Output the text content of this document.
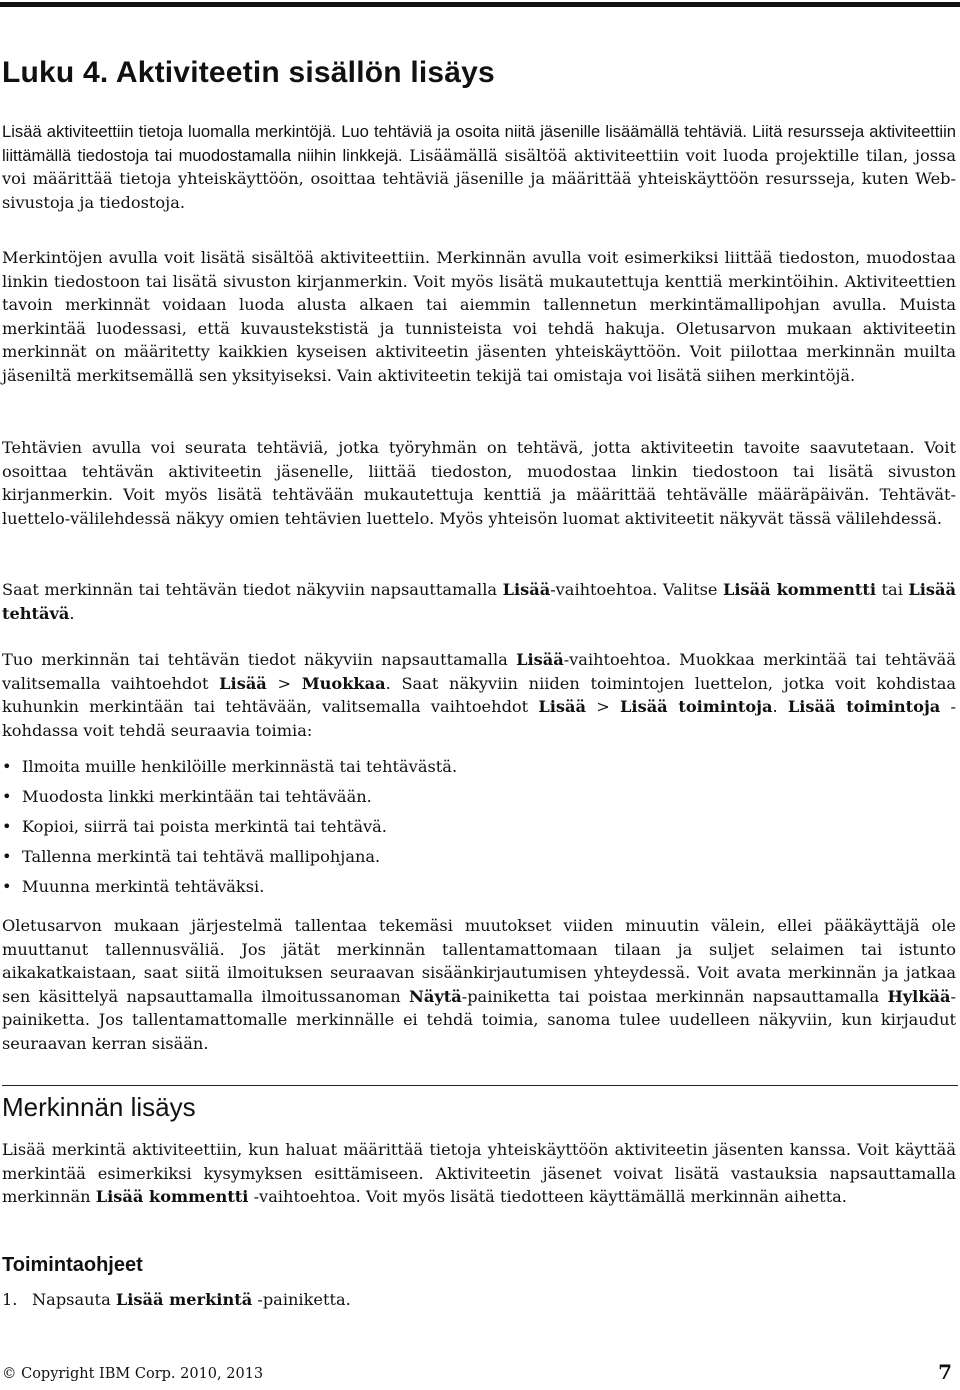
Luku 4. Aktiviteetin sisällön lisäys

Lisää aktiviteettiin tietoja luomalla merkintöjä. Luo tehtäviä ja osoita niitä jäsenille lisäämällä tehtäviä. Liitä resursseja aktiviteettiin liittämällä tiedostoja tai muodostamalla niihin linkkejä. Lisäämällä sisältöä aktiviteettiin voit luoda projektille tilan, jossa voi määrittää tietoja yhteiskäyttöön, osoittaa tehtäviä jäsenille ja määrittää yhteiskäyttöön resursseja, kuten Web-sivustoja ja tiedostoja.

Merkintöjen avulla voit lisätä sisältöä aktiviteettiin. Merkinnän avulla voit esimerkiksi liittää tiedoston, muodostaa linkin tiedostoon tai lisätä sivuston kirjanmerkin. Voit myös lisätä mukautettuja kenttiä merkintöihin. Aktiviteettien tavoin merkinnät voidaan luoda alusta alkaen tai aiemmin tallennetun merkintämallipohjan avulla. Muista merkintää luodessasi, että kuvaustekstistä ja tunnisteista voi tehdä hakuja. Oletusarvon mukaan aktiviteetin merkinnät on määritetty kaikkien kyseisen aktiviteetin jäsenten yhteiskäyttöön. Voit piilottaa merkinnän muilta jäseniltä merkitsemällä sen yksityiseksi. Vain aktiviteetin tekijä tai omistaja voi lisätä siihen merkintöjä.

Tehtävien avulla voi seurata tehtäviä, jotka työryhmän on tehtävä, jotta aktiviteetin tavoite saavutetaan. Voit osoittaa tehtävän aktiviteetin jäsenelle, liittää tiedoston, muodostaa linkin tiedostoon tai lisätä sivuston kirjanmerkin. Voit myös lisätä tehtävään mukautettuja kenttiä ja määrittää tehtävälle määräpäivän. Tehtävät-luettelo-välilehdessä näkyy omien tehtävien luettelo. Myös yhteisön luomat aktiviteetit näkyvät tässä välilehdessä.

Saat merkinnän tai tehtävän tiedot näkyviin napsauttamalla Lisää-vaihtoehtoa. Valitse Lisää kommentti tai Lisää tehtävä.

Tuo merkinnän tai tehtävän tiedot näkyviin napsauttamalla Lisää-vaihtoehtoa. Muokkaa merkintää tai tehtävää valitsemalla vaihtoehdot Lisää > Muokkaa. Saat näkyviin niiden toimintojen luettelon, jotka voit kohdistaa kuhunkin merkintään tai tehtävään, valitsemalla vaihtoehdot Lisää > Lisää toimintoja. Lisää toimintoja -kohdassa voit tehdä seuraavia toimia:

• Ilmoita muille henkilöille merkinnästä tai tehtävästä.
• Muodosta linkki merkintään tai tehtävään.
• Kopioi, siirrä tai poista merkintä tai tehtävä.
• Tallenna merkintä tai tehtävä mallipohjana.
• Muunna merkintä tehtäväksi.

Oletusarvon mukaan järjestelmä tallentaa tekemäsi muutokset viiden minuutin välein, ellei pääkäyttäjä ole muuttanut tallennusväliä. Jos jätät merkinnän tallentamattomaan tilaan ja suljet selaimen tai istunto aikakatkaistaan, saat siitä ilmoituksen seuraavan sisäänkirjautumisen yhteydessä. Voit avata merkinnän ja jatkaa sen käsittelyä napsauttamalla ilmoitussanoman Näytä-painiketta tai poistaa merkinnän napsauttamalla Hylkää-painiketta. Jos tallentamattomalle merkinnälle ei tehdä toimia, sanoma tulee uudelleen näkyviin, kun kirjaudut seuraavan kerran sisään.

Merkinnän lisäys

Lisää merkintä aktiviteettiin, kun haluat määrittää tietoja yhteiskäyttöön aktiviteetin jäsenten kanssa. Voit käyttää merkintää esimerkiksi kysymyksen esittämiseen. Aktiviteetin jäsenet voivat lisätä vastauksia napsauttamalla merkinnän Lisää kommentti -vaihtoehtoa. Voit myös lisätä tiedotteen käyttämällä merkinnän aihetta.

Toimintaohjeet
1. Napsauta Lisää merkintä -painiketta.
© Copyright IBM Corp. 2010, 2013	7
